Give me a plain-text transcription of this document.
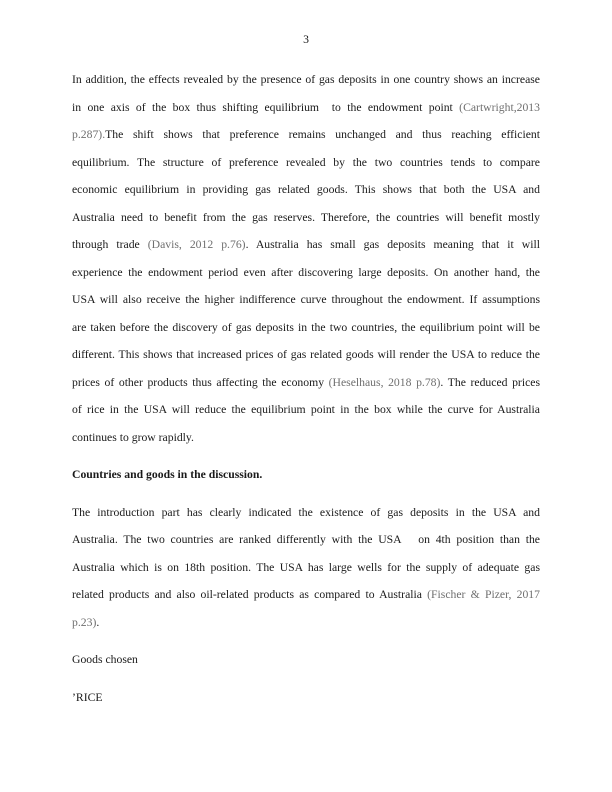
3
In addition, the effects revealed by the presence of gas deposits in one country shows an increase
in one axis of the box thus shifting equilibrium  to the endowment point (Cartwright,2013
p.287).The shift shows that preference remains unchanged and thus reaching efficient
equilibrium. The structure of preference revealed by the two countries tends to compare
economic equilibrium in providing gas related goods. This shows that both the USA and
Australia need to benefit from the gas reserves. Therefore, the countries will benefit mostly
through trade (Davis, 2012 p.76). Australia has small gas deposits meaning that it will
experience the endowment period even after discovering large deposits. On another hand, the
USA will also receive the higher indifference curve throughout the endowment. If assumptions
are taken before the discovery of gas deposits in the two countries, the equilibrium point will be
different. This shows that increased prices of gas related goods will render the USA to reduce the
prices of other products thus affecting the economy (Heselhaus, 2018 p.78). The reduced prices
of rice in the USA will reduce the equilibrium point in the box while the curve for Australia
continues to grow rapidly.
Countries and goods in the discussion.
The introduction part has clearly indicated the existence of gas deposits in the USA and
Australia. The two countries are ranked differently with the USA   on 4th position than the
Australia which is on 18th position. The USA has large wells for the supply of adequate gas
related products and also oil-related products as compared to Australia (Fischer & Pizer, 2017
p.23).
Goods chosen
’RICE
